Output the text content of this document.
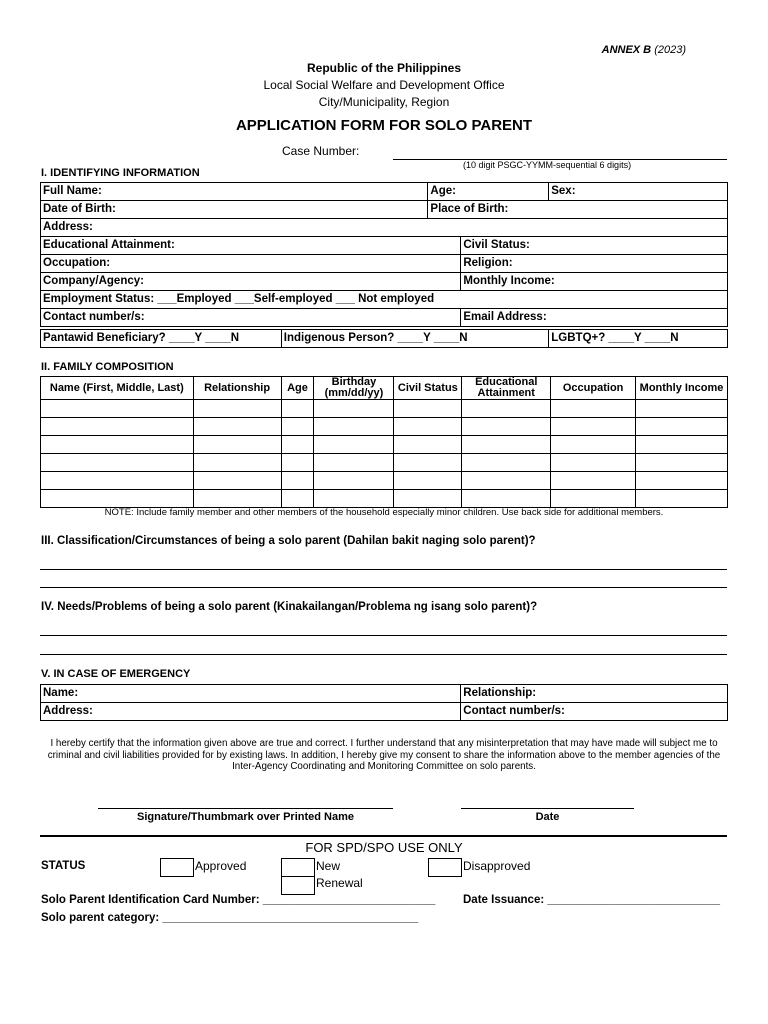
ANNEX B (2023)
Republic of the Philippines
Local Social Welfare and Development Office
City/Municipality, Region
APPLICATION FORM FOR SOLO PARENT
Case Number:
(10 digit PSGC-YYMM-sequential 6 digits)
I. IDENTIFYING INFORMATION
Full Name:	Age:		Sex:
Date of Birth:	Place of Birth:		
Address:			
Educational Attainment:		Civil Status:	
Occupation:		Religion:	
Company/Agency:		Monthly Income:	
Employment Status: ___Employed ___Self-employed ___ Not employed			
Contact number/s:		Email Address:	
Pantawid Beneficiary? ____Y ____N	Indigenous Person? ____Y ____N	LGBTQ+? ____Y ____N
II. FAMILY COMPOSITION
Name (First, Middle, Last)	Relationship	Age	Birthday (mm/dd/yy)	Civil Status	Educational Attainment	Occupation	Monthly Income

NOTE: Include family member and other members of the household especially minor children. Use back side for additional members.
III. Classification/Circumstances of being a solo parent (Dahilan bakit naging solo parent)?
IV. Needs/Problems of being a solo parent (Kinakailangan/Problema ng isang solo parent)?
V. IN CASE OF EMERGENCY
Name:	Relationship:
Address:	Contact number/s:
I hereby certify that the information given above are true and correct. I further understand that any misinterpretation that may have made will subject me to criminal and civil liabilities provided for by existing laws. In addition, I hereby give my consent to share the information above to the member agencies of the Inter-Agency Coordinating and Monitoring Committee on solo parents.
Signature/Thumbmark over Printed Name	Date
FOR SPD/SPO USE ONLY
STATUS	Approved	New
Renewal
Disapproved
Solo Parent Identification Card Number: ___________________________ Date Issuance: ___________________________
Solo parent category: ________________________________________
